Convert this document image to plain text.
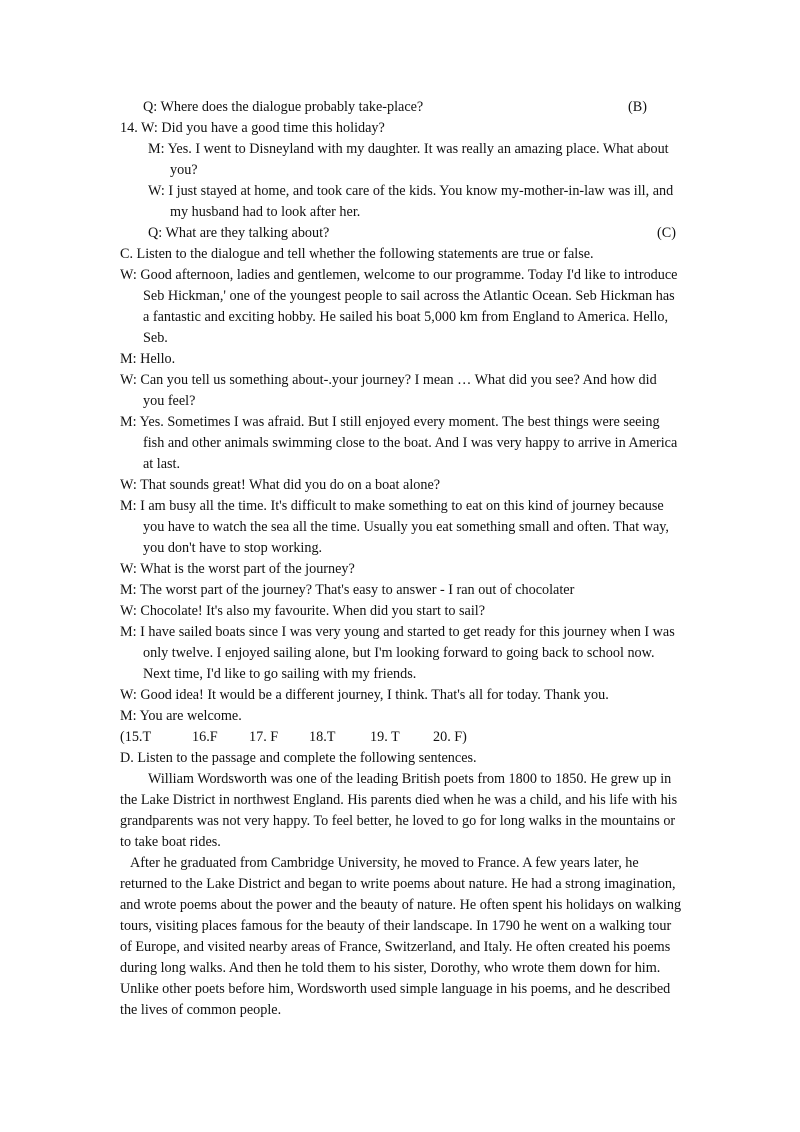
Q: Where does the dialogue probably take-place?	(B)
14. W: Did you have a good time this holiday?
M: Yes. I went to Disneyland with my daughter. It was really an amazing place. What about
you?
W: I just stayed at home, and took care of the kids. You know my-mother-in-law was ill, and
my husband had to look after her.
Q: What are they talking about?	(C)
C. Listen to the dialogue and tell whether the following statements are true or false.
W: Good afternoon, ladies and gentlemen, welcome to our programme. Today I'd like to introduce
Seb Hickman,' one of the youngest people to sail across the Atlantic Ocean. Seb Hickman has
a fantastic and exciting hobby. He sailed his boat 5,000 km from England to America. Hello,
Seb.
M: Hello.
W: Can you tell us something about-.your journey? I mean … What did you see? And how did
you feel?
M: Yes. Sometimes I was afraid. But I still enjoyed every moment. The best things were seeing
fish and other animals swimming close to the boat. And I was very happy to arrive in America
at last.
W: That sounds great! What did you do on a boat alone?
M: I am busy all the time. It's difficult to make something to eat on this kind of journey because
you have to watch the sea all the time. Usually you eat something small and often. That way,
you don't have to stop working.
W: What is the worst part of the journey?
M: The worst part of the journey? That's easy to answer - I ran out of chocolater
W: Chocolate! It's also my favourite. When did you start to sail?
M: I have sailed boats since I was very young and started to get ready for this journey when I was
only twelve. I enjoyed sailing alone, but I'm looking forward to going back to school now.
Next time, I'd like to go sailing with my friends.
W: Good idea! It would be a different journey, I think. That's all for today. Thank you.
M: You are welcome.
(15.T	16.F 17. F 18.T 19. T 20. F)
D. Listen to the passage and complete the following sentences.
William Wordsworth was one of the leading British poets from 1800 to 1850. He grew up in
the Lake District in northwest England. His parents died when he was a child, and his life with his
grandparents was not very happy. To feel better, he loved to go for long walks in the mountains or
to take boat rides.
After he graduated from Cambridge University, he moved to France. A few years later, he
returned to the Lake District and began to write poems about nature. He had a strong imagination,
and wrote poems about the power and the beauty of nature. He often spent his holidays on walking
tours, visiting places famous for the beauty of their landscape. In 1790 he went on a walking tour
of Europe, and visited nearby areas of France, Switzerland, and Italy. He often created his poems
during long walks. And then he told them to his sister, Dorothy, who wrote them down for him.
Unlike other poets before him, Wordsworth used simple language in his poems, and he described
the lives of common people.
